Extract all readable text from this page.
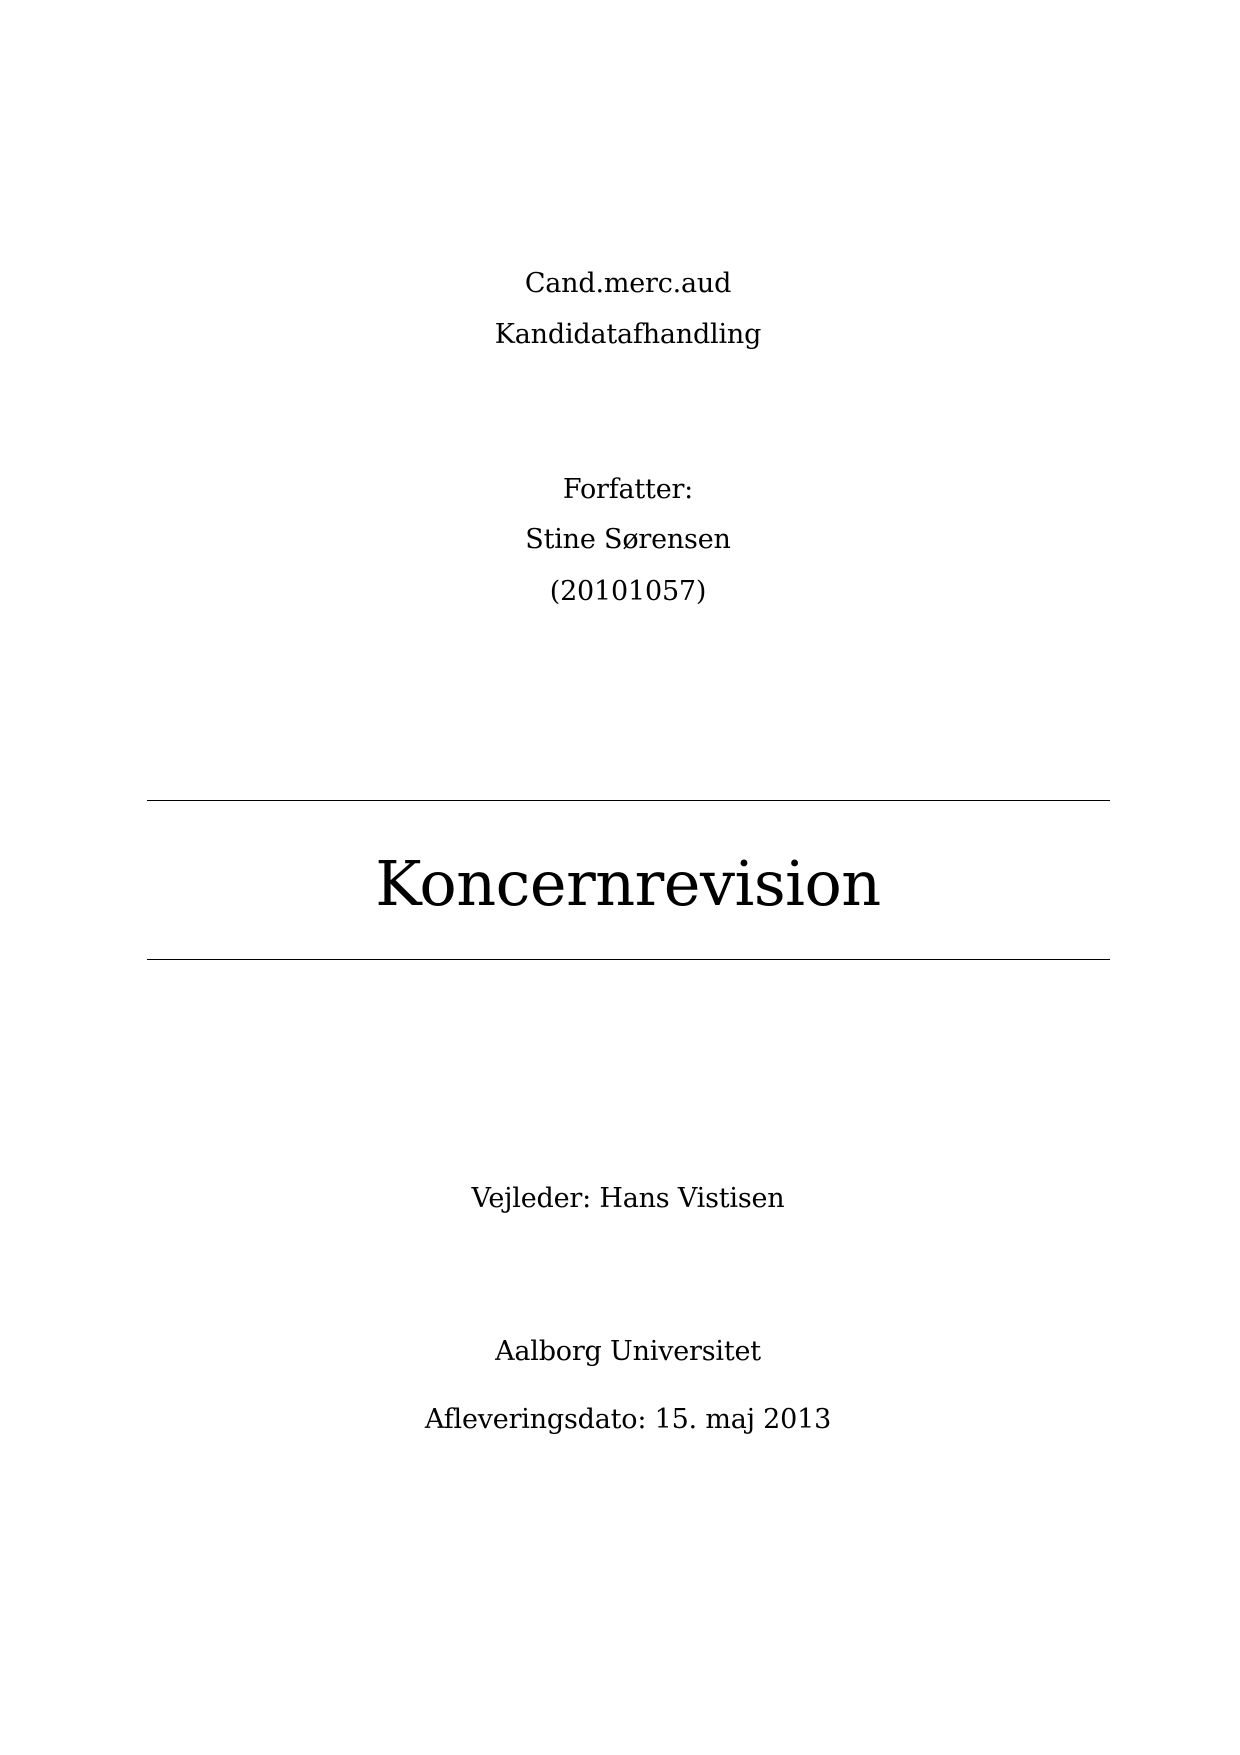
Cand.merc.aud
Kandidatafhandling
Forfatter:
Stine Sørensen
(20101057)
Koncernrevision
Vejleder: Hans Vistisen
Aalborg Universitet
Afleveringsdato: 15. maj 2013
